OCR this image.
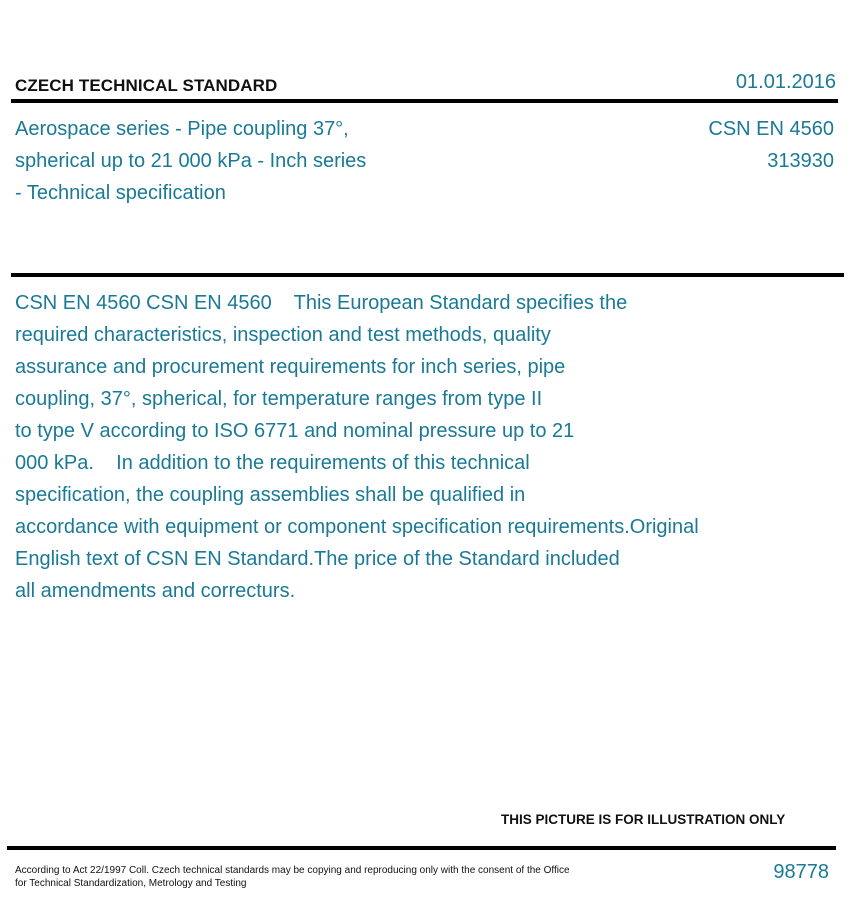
CZECH TECHNICAL STANDARD	01.01.2016
Aerospace series - Pipe coupling 37°,
spherical up to 21 000 kPa - Inch series
- Technical specification
CSN EN 4560
313930
CSN EN 4560 CSN EN 4560    This European Standard specifies the
required characteristics, inspection and test methods, quality
assurance and procurement requirements for inch series, pipe
coupling, 37°, spherical, for temperature ranges from type II
to type V according to ISO 6771 and nominal pressure up to 21
000 kPa.    In addition to the requirements of this technical
specification, the coupling assemblies shall be qualified in
accordance with equipment or component specification requirements.Original
English text of CSN EN Standard.The price of the Standard included
all amendments and correcturs.
THIS PICTURE IS FOR ILLUSTRATION ONLY
According to Act 22/1997 Coll. Czech technical standards may be copying and reproducing only with the consent of the Office
for Technical Standardization, Metrology and Testing
98778
